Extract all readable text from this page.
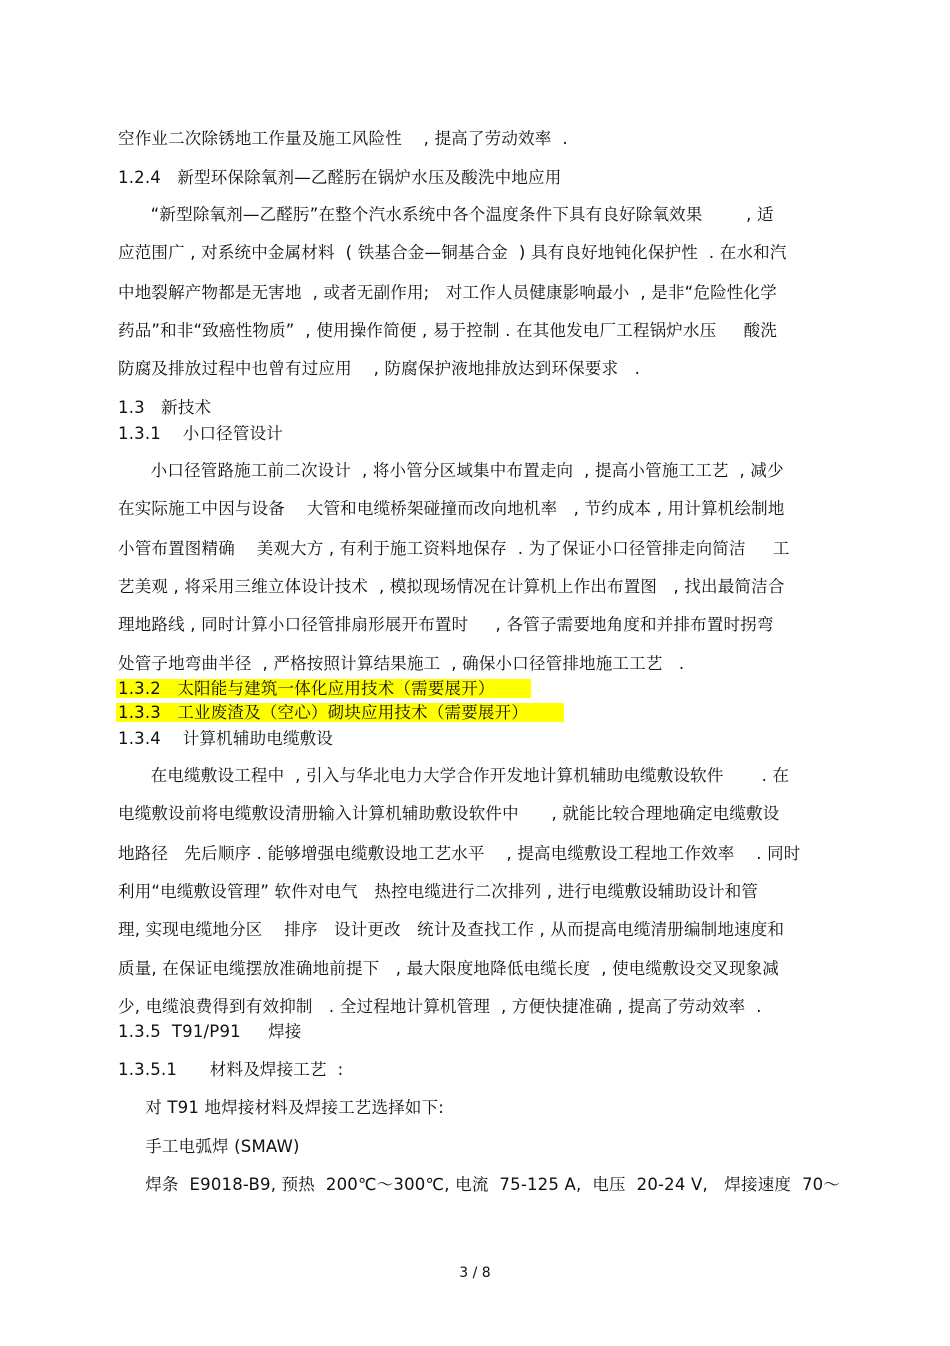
空作业二次除锈地工作量及施工风险性    , 提高了劳动效率  .
1.2.4   新型环保除氧剂—乙醛肟在锅炉水压及酸洗中地应用
“新型除氧剂—乙醛肟”在整个汽水系统中各个温度条件下具有良好除氧效果        , 适
应范围广 , 对系统中金属材料  ( 铁基合金—铜基合金  ) 具有良好地钝化保护性  . 在水和汽
中地裂解产物都是无害地  , 或者无副作用;   对工作人员健康影响最小  , 是非“危险性化学
药品”和非“致癌性物质”  , 使用操作简便 , 易于控制 . 在其他发电厂工程锅炉水压     酸洗
防腐及排放过程中也曾有过应用    , 防腐保护液地排放达到环保要求   .
1.3   新技术
1.3.1    小口径管设计
小口径管路施工前二次设计  , 将小管分区域集中布置走向  , 提高小管施工工艺  , 减少
在实际施工中因与设备    大管和电缆桥架碰撞而改向地机率   , 节约成本 , 用计算机绘制地
小管布置图精确    美观大方 , 有利于施工资料地保存  . 为了保证小口径管排走向简洁     工
艺美观 , 将采用三维立体设计技术  , 模拟现场情况在计算机上作出布置图   , 找出最简洁合
理地路线 , 同时计算小口径管排扇形展开布置时     , 各管子需要地角度和并排布置时拐弯
处管子地弯曲半径  , 严格按照计算结果施工  , 确保小口径管排地施工工艺   .
1.3.2   太阳能与建筑一体化应用技术（需要展开）
1.3.3   工业废渣及（空心）砌块应用技术（需要展开）
1.3.4    计算机辅助电缆敷设
在电缆敷设工程中  , 引入与华北电力大学合作开发地计算机辅助电缆敷设软件       . 在
电缆敷设前将电缆敷设清册输入计算机辅助敷设软件中      , 就能比较合理地确定电缆敷设
地路径   先后顺序 . 能够增强电缆敷设地工艺水平    , 提高电缆敷设工程地工作效率    . 同时
利用“电缆敷设管理” 软件对电气   热控电缆进行二次排列 , 进行电缆敷设辅助设计和管
理, 实现电缆地分区    排序   设计更改   统计及查找工作 , 从而提高电缆清册编制地速度和
质量, 在保证电缆摆放准确地前提下   , 最大限度地降低电缆长度  , 使电缆敷设交叉现象减
少, 电缆浪费得到有效抑制   . 全过程地计算机管理  , 方便快捷准确 , 提高了劳动效率  .
1.3.5  T91/P91     焊接
1.3.5.1      材料及焊接工艺  :
对 T91 地焊接材料及焊接工艺选择如下:
手工电弧焊 (SMAW)
焊条  E9018-B9, 预热  200℃～300℃, 电流  75-125 A,  电压  20-24 V,   焊接速度  70～
3 / 8
